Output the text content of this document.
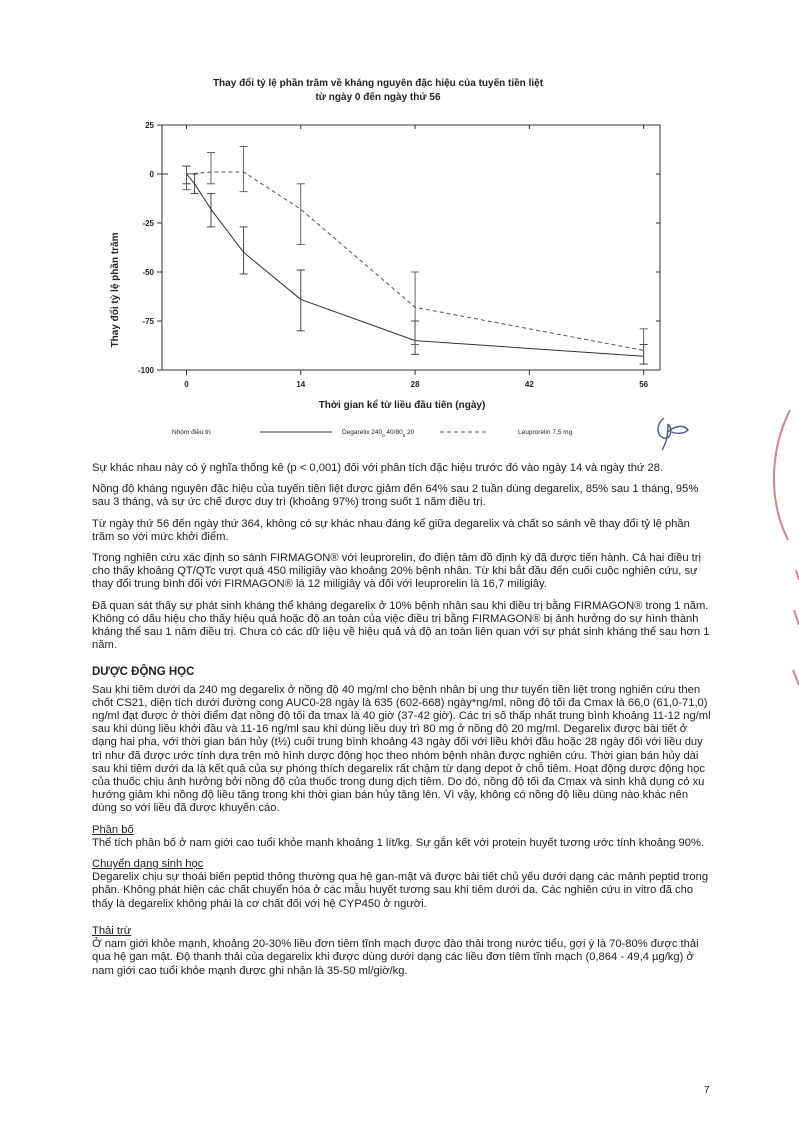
Thay đổi tỷ lệ phần trăm về kháng nguyên đặc hiệu của tuyến tiền liệt
từ ngày 0 đến ngày thứ 56
25
0
-25
-50
-75
-100
0	14	28	42	56
Thay đổi tỷ lệ phần trăm
Thời gian kể từ liều đầu tiên (ngày)
Nhóm điều trị	Degarelix $240_0$ $40/80_0$ 20	Leuprorelin 7,5 mg

Sự khác nhau này có ý nghĩa thống kê (p < 0,001) đối với phân tích đặc hiệu trước đó vào ngày 14 và ngày thứ 28.

Nồng độ kháng nguyên đặc hiệu của tuyến tiền liệt được giảm đến 64% sau 2 tuần dùng degarelix, 85% sau 1 tháng, 95% sau 3 tháng, và sự ức chế được duy trì (khoảng 97%) trong suốt 1 năm điều trị.

Từ ngày thứ 56 đến ngày thứ 364, không có sự khác nhau đáng kể giữa degarelix và chất so sánh về thay đổi tỷ lệ phần trăm so với mức khởi điểm.

Trong nghiên cứu xác định so sánh FIRMAGON® với leuprorelin, đo điện tâm đồ định kỳ đã được tiến hành. Cả hai điều trị cho thấy khoảng QT/QTc vượt quá 450 miligiây vào khoảng 20% bệnh nhân. Từ khi bắt đầu đến cuối cuộc nghiên cứu, sự thay đổi trung bình đối với FIRMAGON® là 12 miligiây và đối với leuprorelin là 16,7 miligiây.

Đã quan sát thấy sự phát sinh kháng thể kháng degarelix ở 10% bệnh nhân sau khi điều trị bằng FIRMAGON® trong 1 năm. Không có dấu hiệu cho thấy hiệu quả hoặc độ an toàn của việc điều trị bằng FIRMAGON® bị ảnh hưởng do sự hình thành kháng thể sau 1 năm điều trị. Chưa có các dữ liệu về hiệu quả và độ an toàn liên quan với sự phát sinh kháng thể sau hơn 1 năm.

DƯỢC ĐỘNG HỌC

Sau khi tiêm dưới da 240 mg degarelix ở nồng độ 40 mg/ml cho bệnh nhân bị ung thư tuyến tiền liệt trong nghiên cứu then chốt CS21, diện tích dưới đường cong AUC0-28 ngày là 635 (602-668) ngày*ng/ml, nồng độ tối đa Cmax là 66,0 (61,0-71,0) ng/ml đạt được ở thời điểm đạt nồng độ tối đa tmax là 40 giờ (37-42 giờ). Các trị số thấp nhất trung bình khoảng 11-12 ng/ml sau khi dùng liều khởi đầu và 11-16 ng/ml sau khi dùng liều duy trì 80 mg ở nồng độ 20 mg/ml. Degarelix được bài tiết ở dạng hai pha, với thời gian bán hủy (t½) cuối trung bình khoảng 43 ngày đối với liều khởi đầu hoặc 28 ngày đối với liều duy trì như đã được ước tính dựa trên mô hình dược động học theo nhóm bệnh nhân được nghiên cứu. Thời gian bán hủy dài sau khi tiêm dưới da là kết quả của sự phóng thích degarelix rất chậm từ dạng depot ở chỗ tiêm. Hoạt động dược động học của thuốc chịu ảnh hưởng bởi nồng độ của thuốc trong dung dịch tiêm. Do đó, nồng độ tối đa Cmax và sinh khả dụng có xu hướng giảm khi nồng độ liều tăng trong khi thời gian bán hủy tăng lên. Vì vậy, không có nồng độ liều dùng nào khác nên dùng so với liều đã được khuyến cáo.

Phân bố
Thể tích phân bố ở nam giới cao tuổi khỏe mạnh khoảng 1 lít/kg. Sự gắn kết với protein huyết tương ước tính khoảng 90%.
Chuyển dạng sinh học
Degarelix chịu sự thoái biến peptid thông thường qua hệ gan-mật và được bài tiết chủ yếu dưới dạng các mảnh peptid trong phân. Không phát hiện các chất chuyển hóa ở các mẫu huyết tương sau khi tiêm dưới da. Các nghiên cứu in vitro đã cho thấy là degarelix không phải là cơ chất đối với hệ CYP450 ở người.
Thải trừ
Ở nam giới khỏe mạnh, khoảng 20-30% liều đơn tiêm tĩnh mạch được đào thải trong nước tiểu, gợi ý là 70-80% được thải qua hệ gan mật. Độ thanh thải của degarelix khi được dùng dưới dạng các liều đơn tiêm tĩnh mạch (0,864 - 49,4 µg/kg) ở nam giới cao tuổi khỏe mạnh được ghi nhận là 35-50 ml/giờ/kg.
7
